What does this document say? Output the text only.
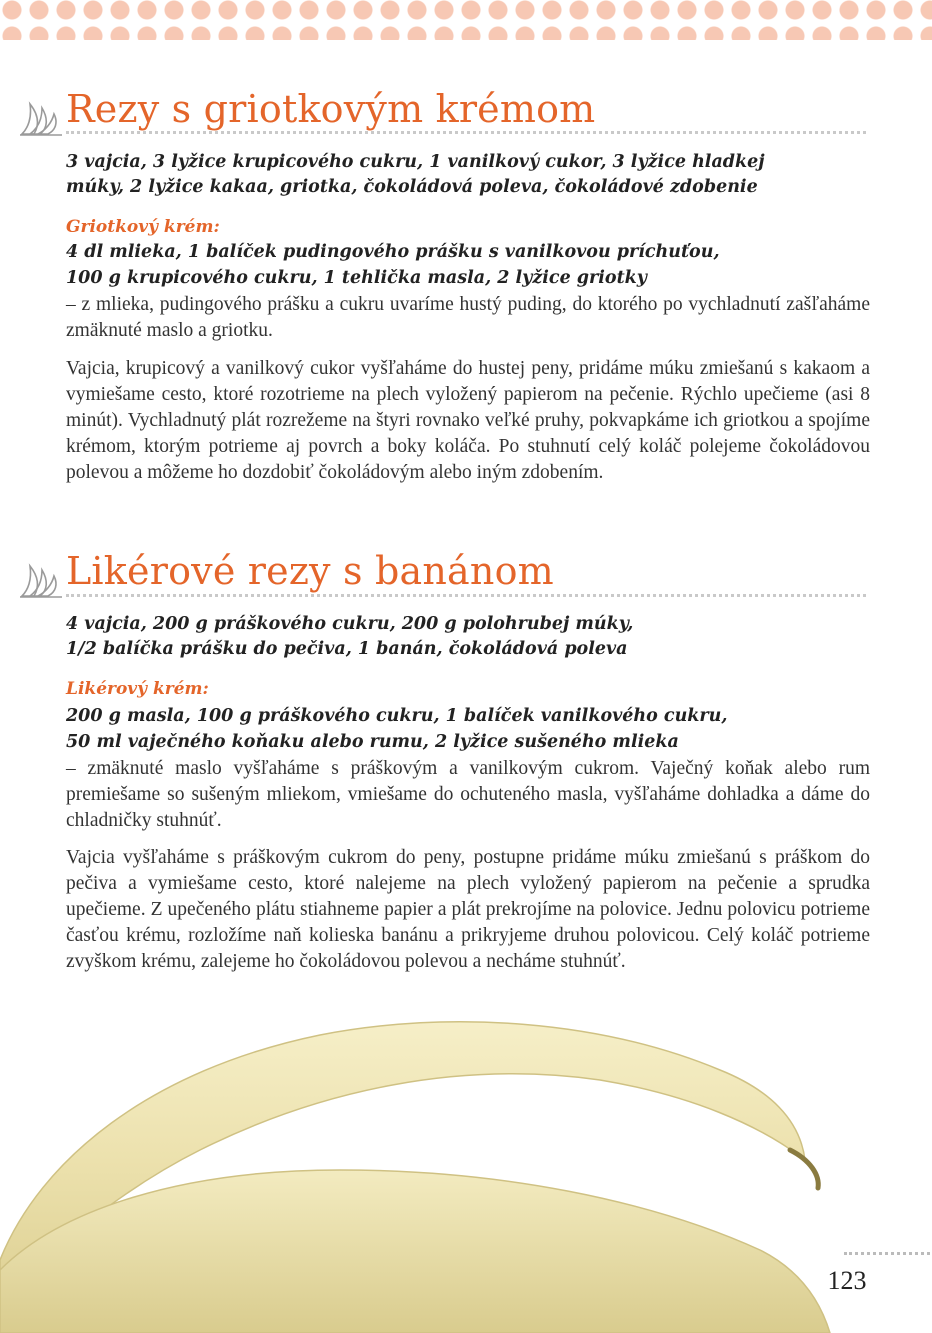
Rezy s griotkovým krémom

3 vajcia, 3 lyžice krupicového cukru, 1 vanilkový cukor, 3 lyžice hladkej

múky, 2 lyžice kakaa, griotka, čokoládová poleva, čokoládové zdobenie

Griotkový krém:

4 dl mlieka, 1 balíček pudingového prášku s vanilkovou príchuťou,

100 g krupicového cukru, 1 tehlička masla, 2 lyžice griotky

– z mlieka, pudingového prášku a cukru uvaríme hustý puding, do ktorého po vychladnutí zašľaháme zmäknuté maslo a griotku.

Vajcia, krupicový a vanilkový cukor vyšľaháme do hustej peny, pridáme múku zmiešanú s kakaom a vymiešame cesto, ktoré rozotrieme na plech vyložený papierom na pečenie. Rýchlo upečieme (asi 8 minút). Vychladnutý plát rozrežeme na štyri rovnako veľké pruhy, pokvapkáme ich griotkou a spojíme krémom, ktorým potrieme aj povrch a boky koláča. Po stuhnutí celý koláč polejeme čokoládovou polevou a môžeme ho dozdobiť čokoládovým alebo iným zdobením.

Likérové rezy s banánom

4 vajcia, 200 g práškového cukru, 200 g polohrubej múky,

1/2 balíčka prášku do pečiva, 1 banán, čokoládová poleva

Likérový krém:

200 g masla, 100 g práškového cukru, 1 balíček vanilkového cukru,

50 ml vaječného koňaku alebo rumu, 2 lyžice sušeného mlieka

– zmäknuté maslo vyšľaháme s práškovým a vanilkovým cukrom. Vaječný koňak alebo rum premiešame so sušeným mliekom, vmiešame do ochuteného masla, vyšľaháme dohladka a dáme do chladničky stuhnúť.

Vajcia vyšľaháme s práškovým cukrom do peny, postupne pridáme múku zmiešanú s práškom do pečiva a vymiešame cesto, ktoré nalejeme na plech vyložený papierom na pečenie a sprudka upečieme. Z upečeného plátu stiahneme papier a plát prekrojíme na polovice. Jednu polovicu potrieme časťou krému, rozložíme naň kolieska banánu a prikryjeme druhou polovicou. Celý koláč potrieme zvyškom krému, zalejeme ho čokoládovou polevou a necháme stuhnúť.

123
